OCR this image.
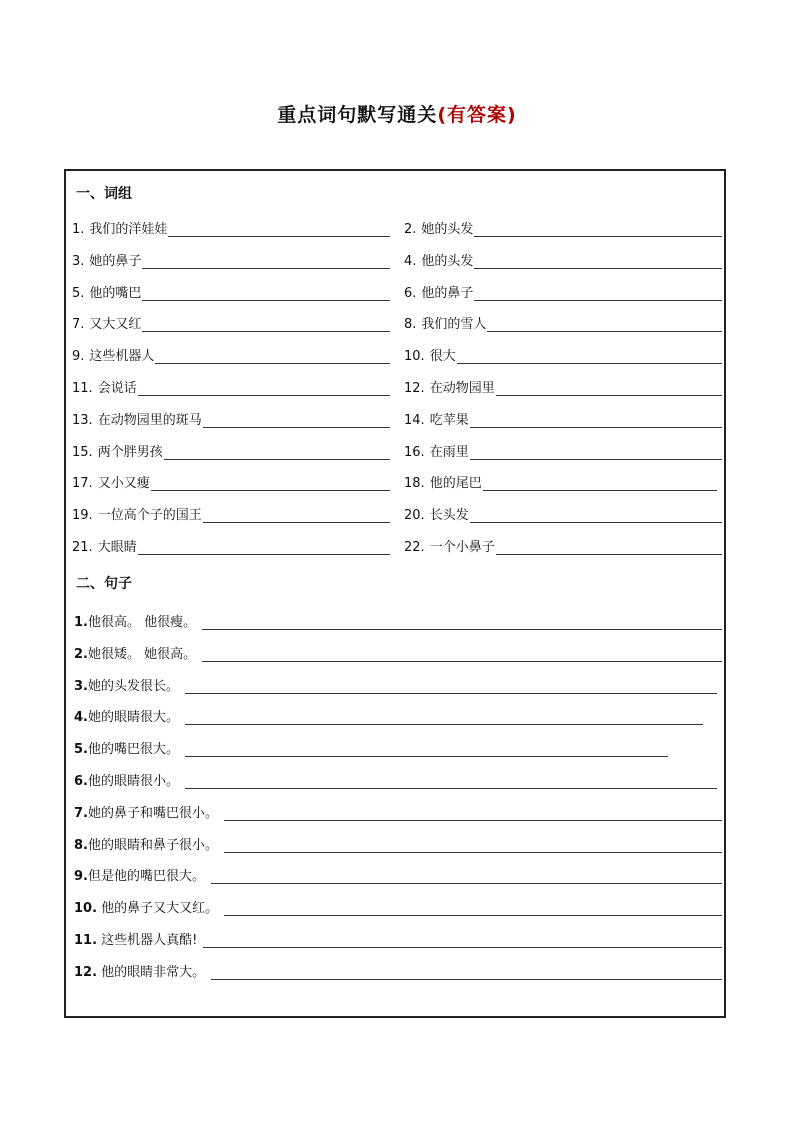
重点词句默写通关(有答案)
一、词组
1. 我们的洋娃娃	2. 她的头发
3. 她的鼻子	4. 他的头发
5. 他的嘴巴	6. 他的鼻子
7. 又大又红	8. 我们的雪人
9. 这些机器人	10. 很大
11. 会说话	12. 在动物园里
13. 在动物园里的斑马	14. 吃苹果
15. 两个胖男孩	16. 在雨里
17. 又小又瘦	18. 他的尾巴
19. 一位高个子的国王	20. 长头发
21. 大眼睛	22. 一个小鼻子
二、句子
1. 他很高。 他很瘦。
2. 她很矮。 她很高。
3. 她的头发很长。
4. 她的眼睛很大。
5. 他的嘴巴很大。
6. 他的眼睛很小。
7. 她的鼻子和嘴巴很小。
8. 他的眼睛和鼻子很小。
9. 但是他的嘴巴很大。
10. 他的鼻子又大又红。
11. 这些机器人真酷!
12. 他的眼睛非常大。
